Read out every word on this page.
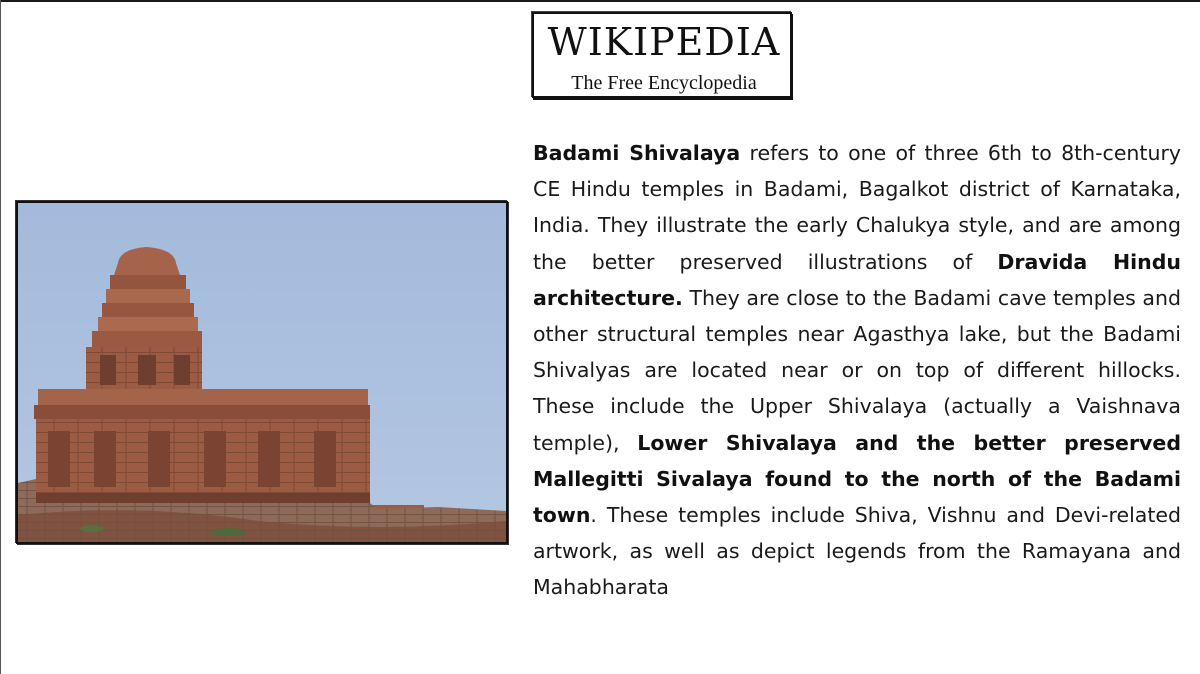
WIKIPEDIA
The Free Encyclopedia
Badami Shivalaya refers to one of three 6th to 8th-century CE Hindu temples in Badami, Bagalkot district of Karnataka, India. They illustrate the early Chalukya style, and are among the better preserved illustrations of Dravida Hindu architecture. They are close to the Badami cave temples and other structural temples near Agasthya lake, but the Badami Shivalyas are located near or on top of different hillocks. These include the Upper Shivalaya (actually a Vaishnava temple), Lower Shivalaya and the better preserved Mallegitti Sivalaya found to the north of the Badami town. These temples include Shiva, Vishnu and Devi-related artwork, as well as depict legends from the Ramayana and Mahabharata
